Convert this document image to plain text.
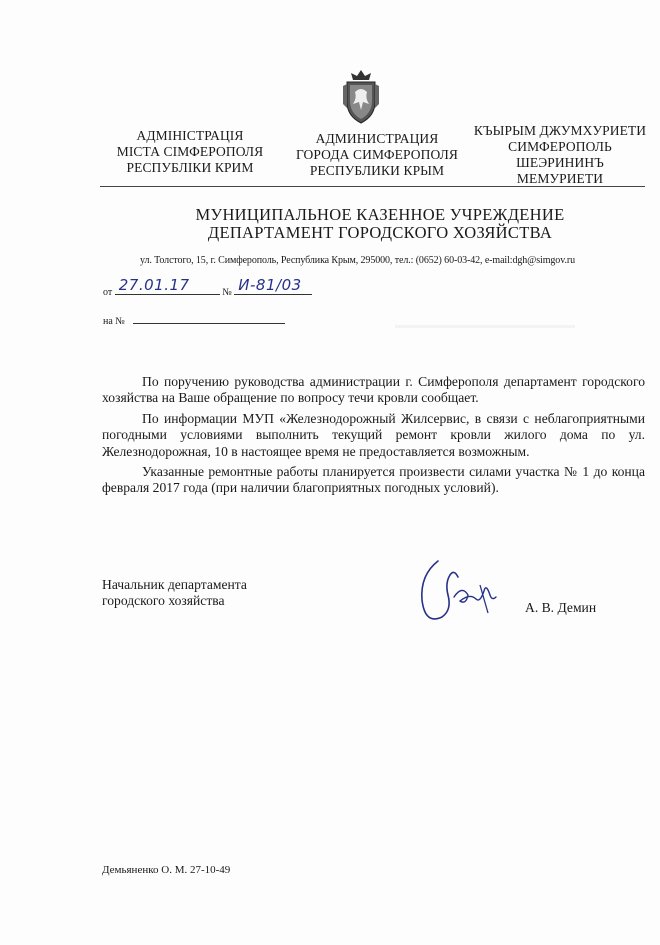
АДМІНІСТРАЦІЯ
МІСТА СІМФЕРОПОЛЯ
РЕСПУБЛІКИ КРИМ
АДМИНИСТРАЦИЯ
ГОРОДА СИМФЕРОПОЛЯ
РЕСПУБЛИКИ КРЫМ
КЪЫРЫМ ДЖУМХУРИЕТИ
СИМФЕРОПОЛЬ
ШЕЭРИНИНЪ
МЕМУРИЕТИ
МУНИЦИПАЛЬНОЕ КАЗЕННОЕ УЧРЕЖДЕНИЕ
ДЕПАРТАМЕНТ ГОРОДСКОГО ХОЗЯЙСТВА
ул. Толстого, 15, г. Симферополь, Республика Крым, 295000, тел.: (0652) 60-03-42, e-mail:dgh@simgov.ru
от 27.01.17	№ И-81/03
на №

По поручению руководства администрации г. Симферополя департамент городского хозяйства на Ваше обращение по вопросу течи кровли сообщает.

По информации МУП «Железнодорожный Жилсервис, в связи с неблагоприятными погодными условиями выполнить текущий ремонт кровли жилого дома по ул. Железнодорожная, 10 в настоящее время не предоставляется возможным.

Указанные ремонтные работы планируется произвести силами участка № 1 до конца февраля 2017 года (при наличии благоприятных погодных условий).

Начальник департамента
городского хозяйства	А. В. Демин
Демьяненко О. М. 27-10-49
